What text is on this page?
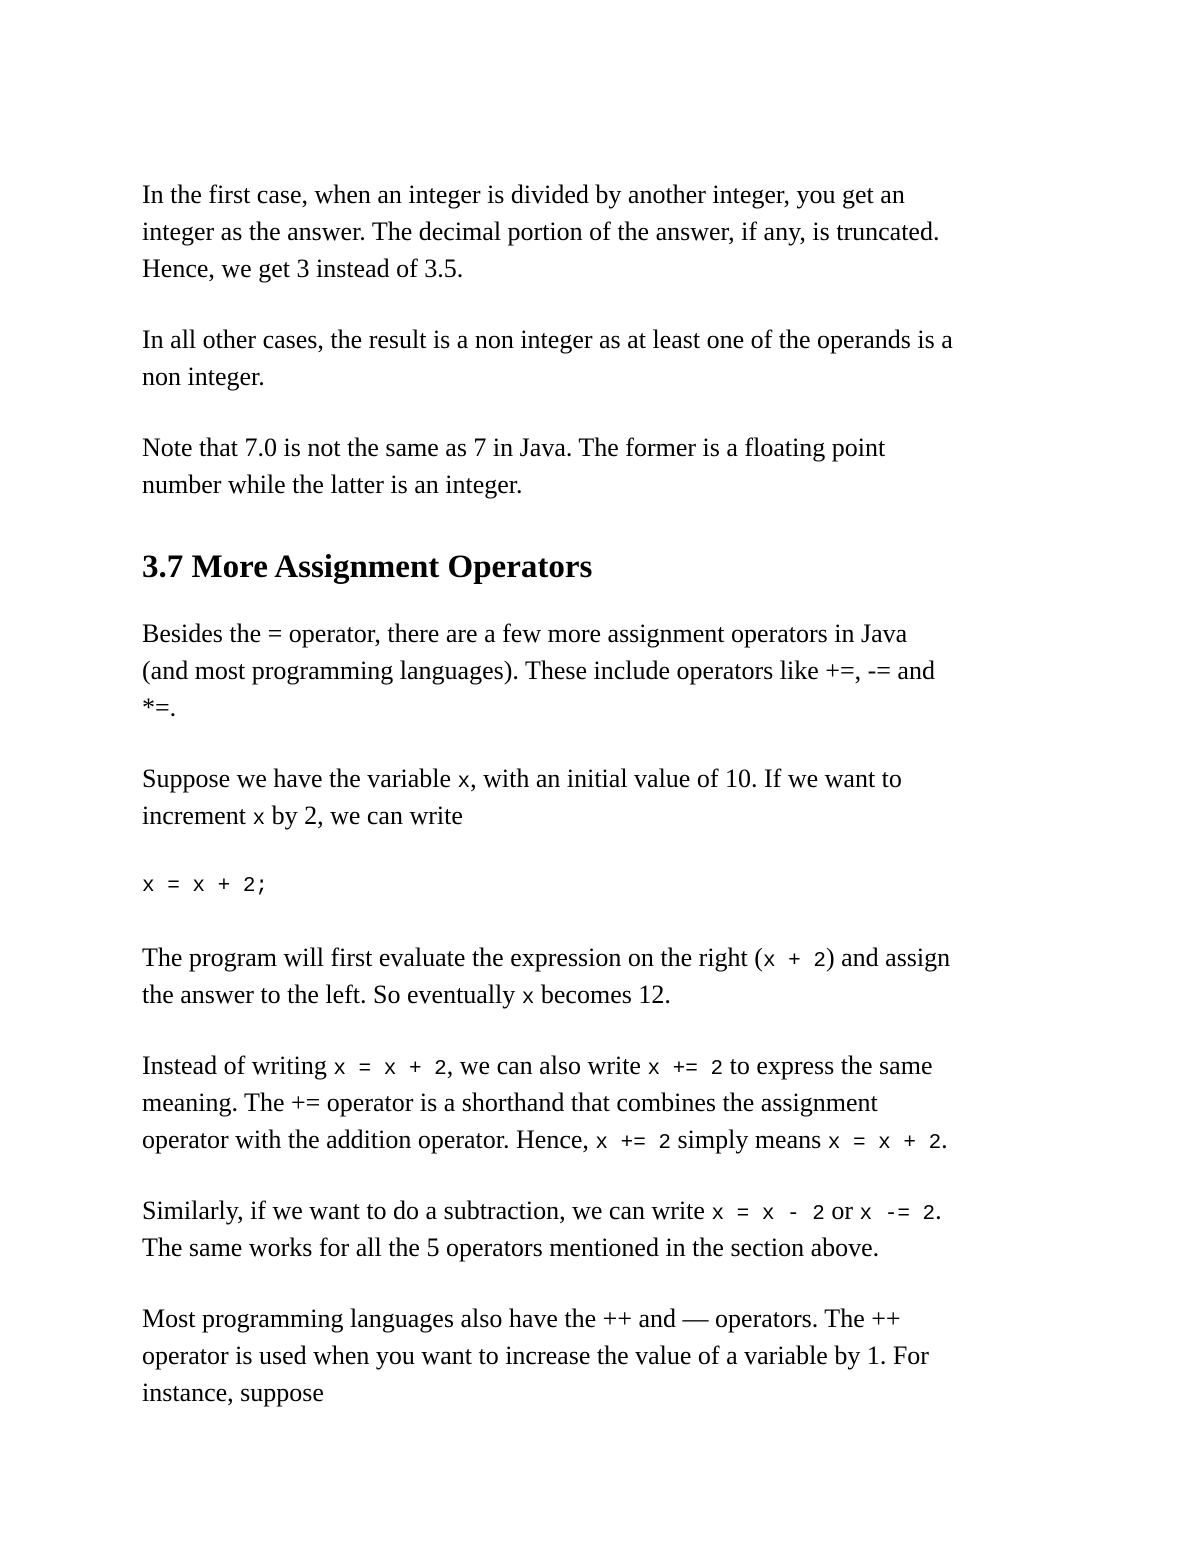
In the first case, when an integer is divided by another integer, you get an
integer as the answer. The decimal portion of the answer, if any, is truncated.
Hence, we get 3 instead of 3.5.
In all other cases, the result is a non integer as at least one of the operands is a
non integer.
Note that 7.0 is not the same as 7 in Java. The former is a floating point
number while the latter is an integer.
3.7 More Assignment Operators
Besides the = operator, there are a few more assignment operators in Java
(and most programming languages). These include operators like +=, -= and
*=.
Suppose we have the variable x, with an initial value of 10. If we want to
increment x by 2, we can write
x = x + 2;
The program will first evaluate the expression on the right (x + 2) and assign
the answer to the left. So eventually x becomes 12.
Instead of writing x = x + 2, we can also write x += 2 to express the same
meaning. The += operator is a shorthand that combines the assignment
operator with the addition operator. Hence, x += 2 simply means x = x + 2.
Similarly, if we want to do a subtraction, we can write x = x - 2 or x -= 2.
The same works for all the 5 operators mentioned in the section above.
Most programming languages also have the ++ and –– operators. The ++
operator is used when you want to increase the value of a variable by 1. For
instance, suppose
